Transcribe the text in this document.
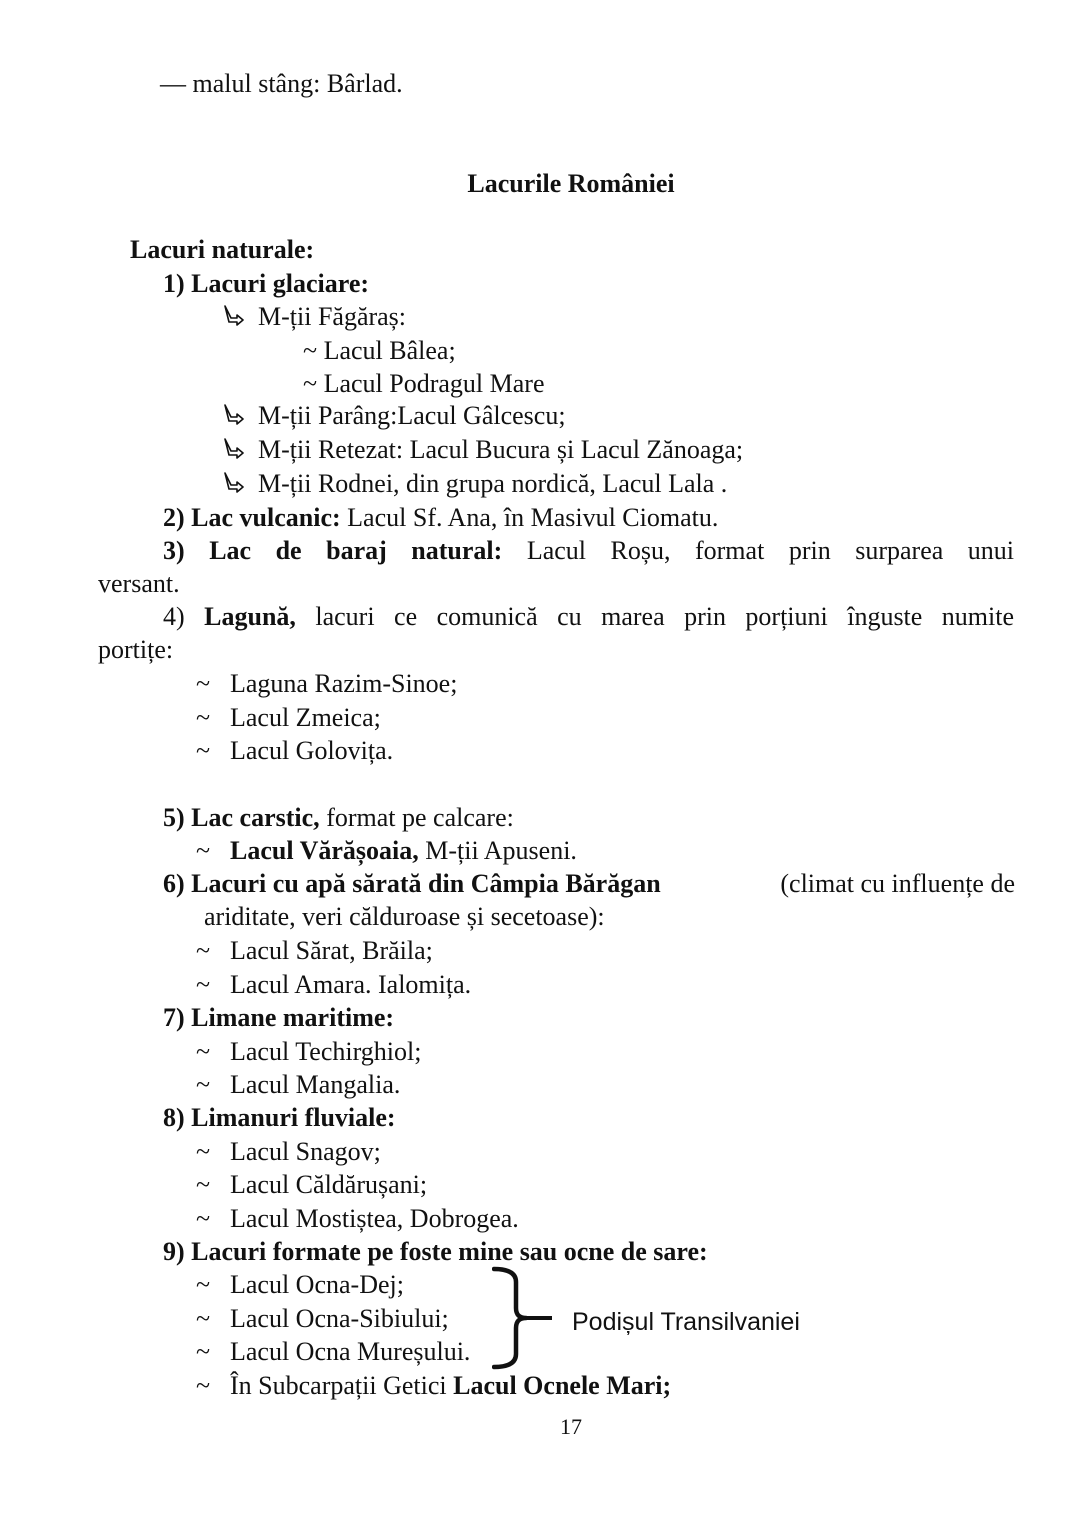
— malul stâng: Bârlad.
Lacurile României
Lacuri naturale:
1) Lacuri glaciare:
M-ții Făgăraș:
~ Lacul Bâlea;
~ Lacul Podragul Mare
M-ții Parâng:Lacul Gâlcescu;
M-ții Retezat: Lacul Bucura și Lacul Zănoaga;
M-ții Rodnei, din grupa nordică, Lacul Lala .
2) Lac vulcanic: Lacul Sf. Ana, în Masivul Ciomatu.
3) Lac de baraj natural: Lacul Roșu, format prin surparea unui
versant.
4) Lagună, lacuri ce comunică cu marea prin porțiuni înguste numite
portițe:
~ Laguna Razim-Sinoe;
~ Lacul Zmeica;
~ Lacul Golovița.
5) Lac carstic, format pe calcare:
~ Lacul Vărășoaia, M-ții Apuseni.
6) Lacuri cu apă sărată din Câmpia Bărăgan	(climat cu influențe de
ariditate, veri călduroase și secetoase):
~ Lacul Sărat, Brăila;
~ Lacul Amara. Ialomița.
7) Limane maritime:
~ Lacul Techirghiol;
~ Lacul Mangalia.
8) Limanuri fluviale:
~ Lacul Snagov;
~ Lacul Căldărușani;
~ Lacul Mostiștea, Dobrogea.
9) Lacuri formate pe foste mine sau ocne de sare:
~ Lacul Ocna-Dej;
~ Lacul Ocna-Sibiului;
~ Lacul Ocna Mureșului.
Podișul Transilvaniei
~ În Subcarpații Getici Lacul Ocnele Mari;
17
